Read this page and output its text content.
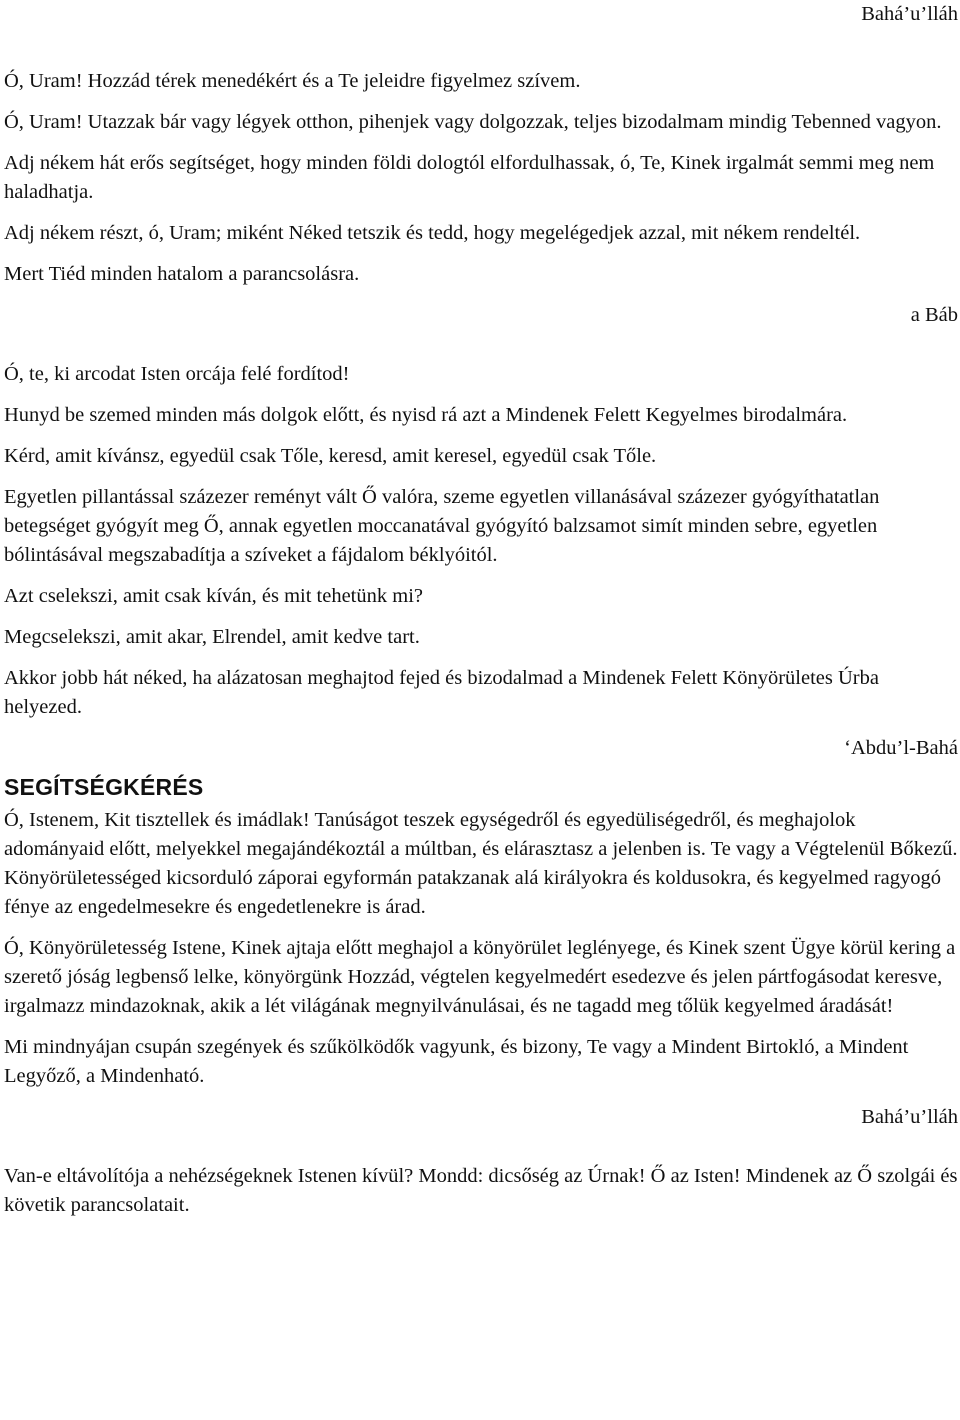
Bahá’u’lláh

Ó, Uram! Hozzád térek menedékért és a Te jeleidre figyelmez szívem.

Ó, Uram! Utazzak bár vagy légyek otthon, pihenjek vagy dolgozzak, teljes bizodalmam mindig Tebenned vagyon.

Adj nékem hát erős segítséget, hogy minden földi dologtól elfordulhassak, ó, Te, Kinek irgalmát semmi meg nem haladhatja.

Adj nékem részt, ó, Uram; miként Néked tetszik és tedd, hogy megelégedjek azzal, mit nékem rendeltél.

Mert Tiéd minden hatalom a parancsolásra.

a Báb

Ó, te, ki arcodat Isten orcája felé fordítod!

Hunyd be szemed minden más dolgok előtt, és nyisd rá azt a Mindenek Felett Kegyelmes birodalmára.

Kérd, amit kívánsz, egyedül csak Tőle, keresd, amit keresel, egyedül csak Tőle.

Egyetlen pillantással százezer reményt vált Ő valóra, szeme egyetlen villanásával százezer gyógyíthatatlan betegséget gyógyít meg Ő, annak egyetlen moccanatával gyógyító balzsamot simít minden sebre, egyetlen bólintásával megszabadítja a szíveket a fájdalom béklyóitól.

Azt cselekszi, amit csak kíván, és mit tehetünk mi?

Megcselekszi, amit akar, Elrendel, amit kedve tart.

Akkor jobb hát néked, ha alázatosan meghajtod fejed és bizodalmad a Mindenek Felett Könyörületes Úrba helyezed.

‘Abdu’l-Bahá

SEGÍTSÉGKÉRÉS

Ó, Istenem, Kit tisztellek és imádlak! Tanúságot teszek egységedről és egyedüliségedről, és meghajolok adományaid előtt, melyekkel megajándékoztál a múltban, és elárasztasz a jelenben is. Te vagy a Végtelenül Bőkezű. Könyörületességed kicsorduló záporai egyformán patakzanak alá királyokra és koldusokra, és kegyelmed ragyogó fénye az engedelmesekre és engedetlenekre is árad.

Ó, Könyörületesség Istene, Kinek ajtaja előtt meghajol a könyörület leglényege, és Kinek szent Ügye körül kering a szerető jóság legbenső lelke, könyörgünk Hozzád, végtelen kegyelmedért esedezve és jelen pártfogásodat keresve, irgalmazz mindazoknak, akik a lét világának megnyilvánulásai, és ne tagadd meg tőlük kegyelmed áradását!

Mi mindnyájan csupán szegények és szűkölködők vagyunk, és bizony, Te vagy a Mindent Birtokló, a Mindent Legyőző, a Mindenható.

Bahá’u’lláh

Van-e eltávolítója a nehézségeknek Istenen kívül? Mondd: dicsőség az Úrnak! Ő az Isten! Mindenek az Ő szolgái és követik parancsolatait.
